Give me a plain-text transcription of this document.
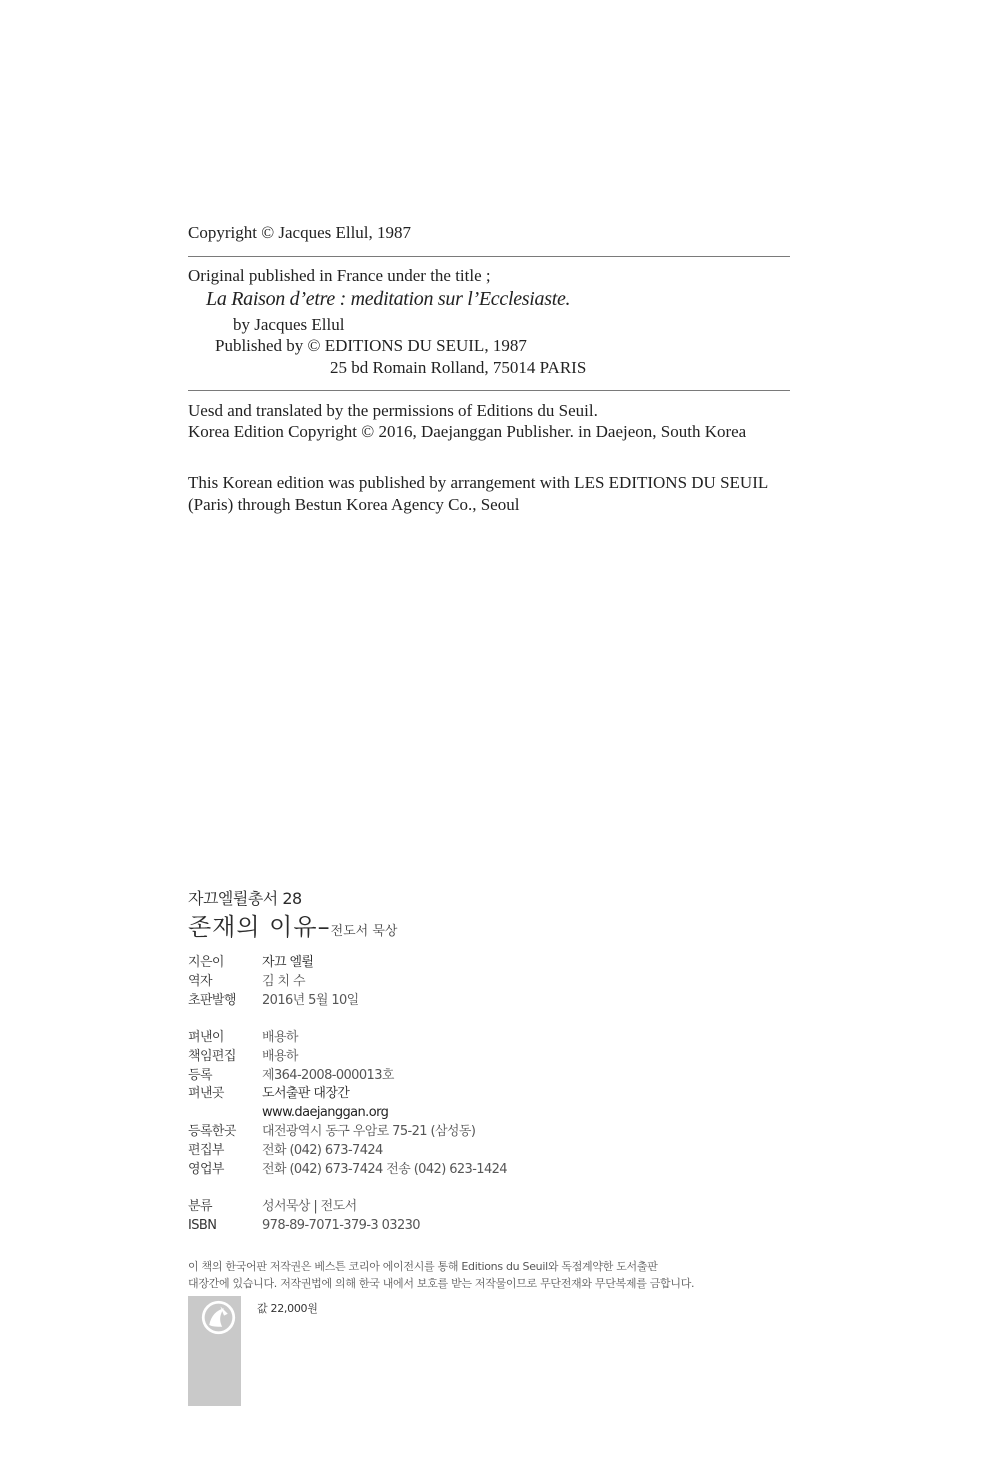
Copyright © Jacques Ellul, 1987
Original published in France under the title ;
La Raison d’etre : meditation sur l’Ecclesiaste.
by Jacques Ellul
Published by © EDITIONS DU SEUIL, 1987
25 bd Romain Rolland, 75014 PARIS
Uesd and translated by the permissions of Editions du Seuil.
Korea Edition Copyright © 2016, Daejanggan Publisher. in Daejeon, South Korea
This Korean edition was published by arrangement with LES EDITIONS DU SEUIL
(Paris) through Bestun Korea Agency Co., Seoul
자끄엘륄총서 28
존재의 이유–전도서 묵상
지은이	자끄 엘륄
역자	김 치 수
초판발행	2016년 5월 10일
펴낸이	배용하
책임편집	배용하
등록	제364-2008-000013호
펴낸곳	도서출판 대장간
www.daejanggan.org
등록한곳	대전광역시 동구 우암로 75-21 (삼성동)
편집부	전화 (042) 673-7424
영업부	전화 (042) 673-7424 전송 (042) 623-1424
분류	성서묵상 | 전도서
ISBN	978-89-7071-379-3 03230
이 책의 한국어판 저작권은 베스튼 코리아 에이전시를 통해 Editions du Seuil와 독점계약한 도서출판
대장간에 있습니다. 저작권법에 의해 한국 내에서 보호를 받는 저작물이므로 무단전재와 무단복제를 금합니다.
값 22,000원
